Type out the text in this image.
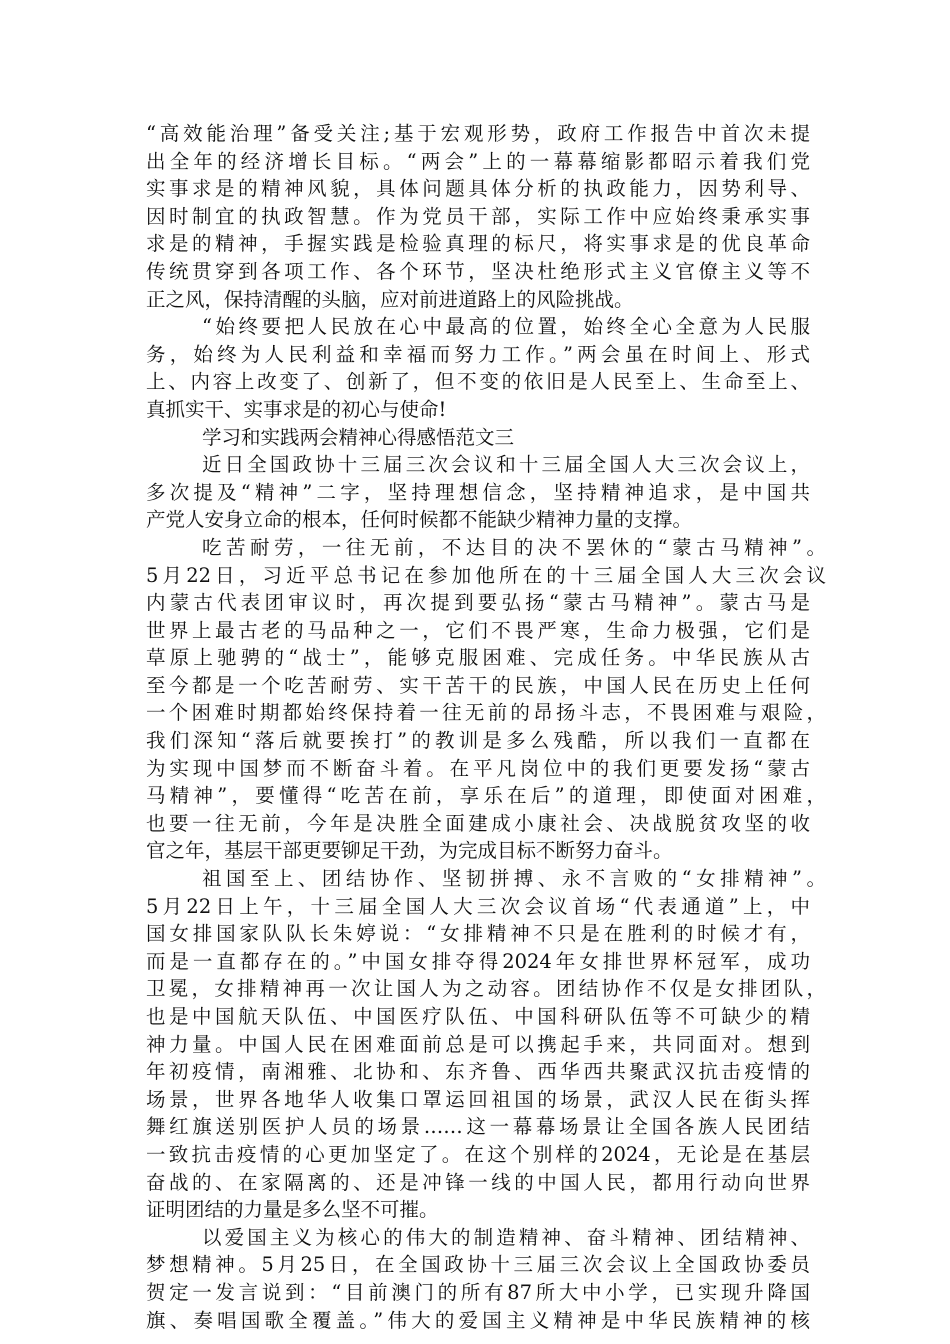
“高效能治理”备受关注;基于宏观形势，政府工作报告中首次未提
出全年的经济增长目标。“两会”上的一幕幕缩影都昭示着我们党
实事求是的精神风貌，具体问题具体分析的执政能力，因势利导、
因时制宜的执政智慧。作为党员干部，实际工作中应始终秉承实事
求是的精神，手握实践是检验真理的标尺，将实事求是的优良革命
传统贯穿到各项工作、各个环节，坚决杜绝形式主义官僚主义等不
正之风，保持清醒的头脑，应对前进道路上的风险挑战。
“始终要把人民放在心中最高的位置，始终全心全意为人民服
务，始终为人民利益和幸福而努力工作。”两会虽在时间上、形式
上、内容上改变了、创新了，但不变的依旧是人民至上、生命至上、
真抓实干、实事求是的初心与使命!
学习和实践两会精神心得感悟范文三
近日全国政协十三届三次会议和十三届全国人大三次会议上，
多次提及“精神”二字，坚持理想信念，坚持精神追求，是中国共
产党人安身立命的根本，任何时候都不能缺少精神力量的支撑。
吃苦耐劳，一往无前，不达目的决不罢休的“蒙古马精神”。
5月22日，习近平总书记在参加他所在的十三届全国人大三次会议
内蒙古代表团审议时，再次提到要弘扬“蒙古马精神”。蒙古马是
世界上最古老的马品种之一，它们不畏严寒，生命力极强，它们是
草原上驰骋的“战士”，能够克服困难、完成任务。中华民族从古
至今都是一个吃苦耐劳、实干苦干的民族，中国人民在历史上任何
一个困难时期都始终保持着一往无前的昂扬斗志，不畏困难与艰险，
我们深知“落后就要挨打”的教训是多么残酷，所以我们一直都在
为实现中国梦而不断奋斗着。在平凡岗位中的我们更要发扬“蒙古
马精神”，要懂得“吃苦在前，享乐在后”的道理，即使面对困难，
也要一往无前，今年是决胜全面建成小康社会、决战脱贫攻坚的收
官之年，基层干部更要铆足干劲，为完成目标不断努力奋斗。
祖国至上、团结协作、坚韧拼搏、永不言败的“女排精神”。
5月22日上午，十三届全国人大三次会议首场“代表通道”上，中
国女排国家队队长朱婷说：“女排精神不只是在胜利的时候才有，
而是一直都存在的。”中国女排夺得2024年女排世界杯冠军，成功
卫冕，女排精神再一次让国人为之动容。团结协作不仅是女排团队，
也是中国航天队伍、中国医疗队伍、中国科研队伍等不可缺少的精
神力量。中国人民在困难面前总是可以携起手来，共同面对。想到
年初疫情，南湘雅、北协和、东齐鲁、西华西共聚武汉抗击疫情的
场景，世界各地华人收集口罩运回祖国的场景，武汉人民在街头挥
舞红旗送别医护人员的场景……这一幕幕场景让全国各族人民团结
一致抗击疫情的心更加坚定了。在这个别样的2024，无论是在基层
奋战的、在家隔离的、还是冲锋一线的中国人民，都用行动向世界
证明团结的力量是多么坚不可摧。
以爱国主义为核心的伟大的制造精神、奋斗精神、团结精神、
梦想精神。5月25日，在全国政协十三届三次会议上全国政协委员
贺定一发言说到：“目前澳门的所有87所大中小学，已实现升降国
旗、奏唱国歌全覆盖。”伟大的爱国主义精神是中华民族精神的核
